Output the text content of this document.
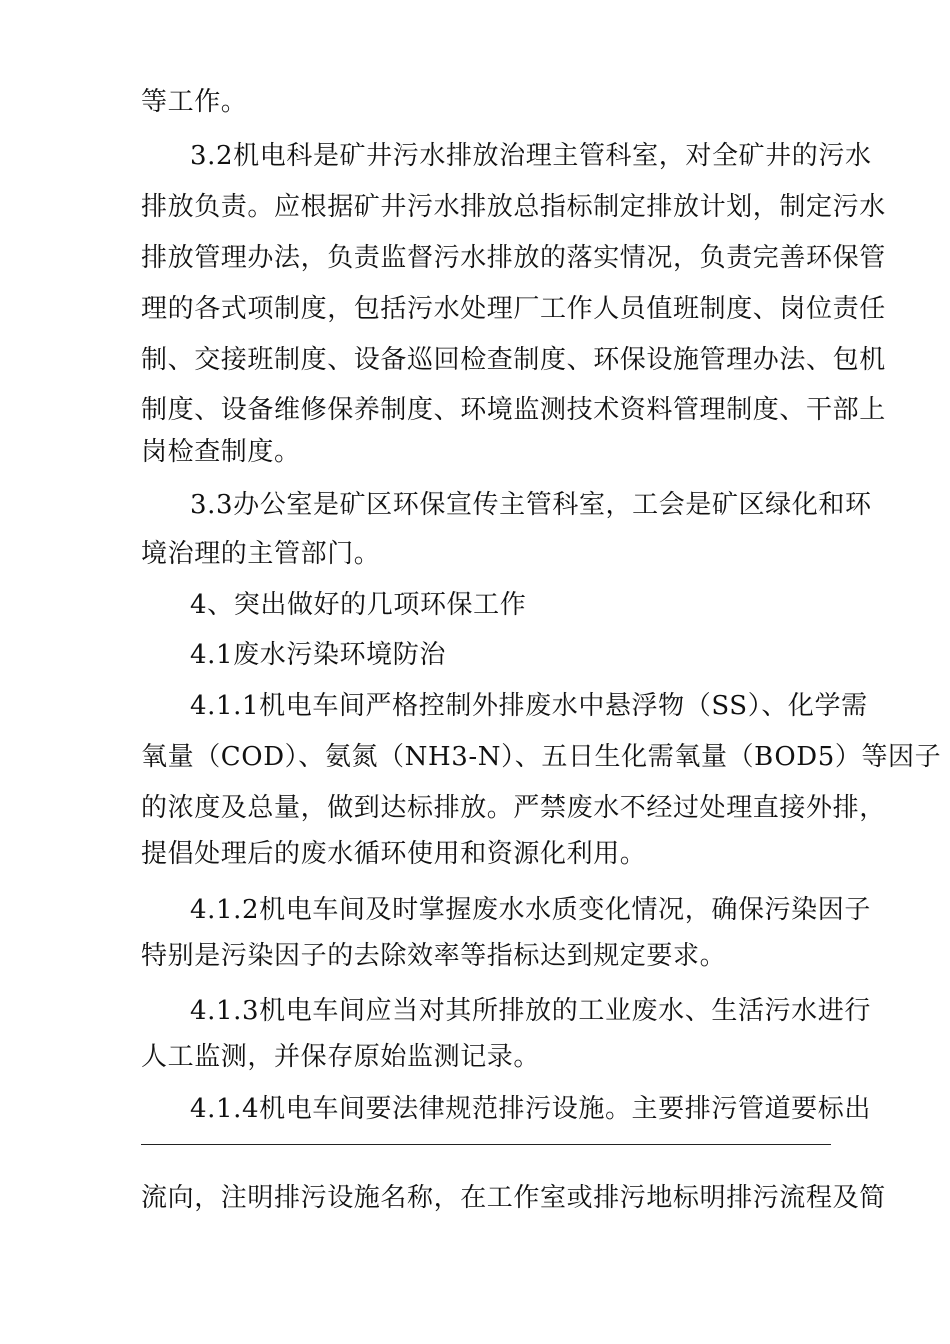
等工作。
3.2机电科是矿井污水排放治理主管科室，对全矿井的污水
排放负责。应根据矿井污水排放总指标制定排放计划，制定污水
排放管理办法，负责监督污水排放的落实情况，负责完善环保管
理的各式项制度，包括污水处理厂工作人员值班制度、岗位责任
制、交接班制度、设备巡回检查制度、环保设施管理办法、包机
制度、设备维修保养制度、环境监测技术资料管理制度、干部上
岗检查制度。
3.3办公室是矿区环保宣传主管科室，工会是矿区绿化和环
境治理的主管部门。
4、突出做好的几项环保工作
4.1废水污染环境防治
4.1.1机电车间严格控制外排废水中悬浮物（SS）、化学需
氧量（COD）、氨氮（NH3-N）、五日生化需氧量（BOD5）等因子
的浓度及总量，做到达标排放。严禁废水不经过处理直接外排，
提倡处理后的废水循环使用和资源化利用。
4.1.2机电车间及时掌握废水水质变化情况，确保污染因子
特别是污染因子的去除效率等指标达到规定要求。
4.1.3机电车间应当对其所排放的工业废水、生活污水进行
人工监测，并保存原始监测记录。
4.1.4机电车间要法律规范排污设施。主要排污管道要标出
流向，注明排污设施名称，在工作室或排污地标明排污流程及简
